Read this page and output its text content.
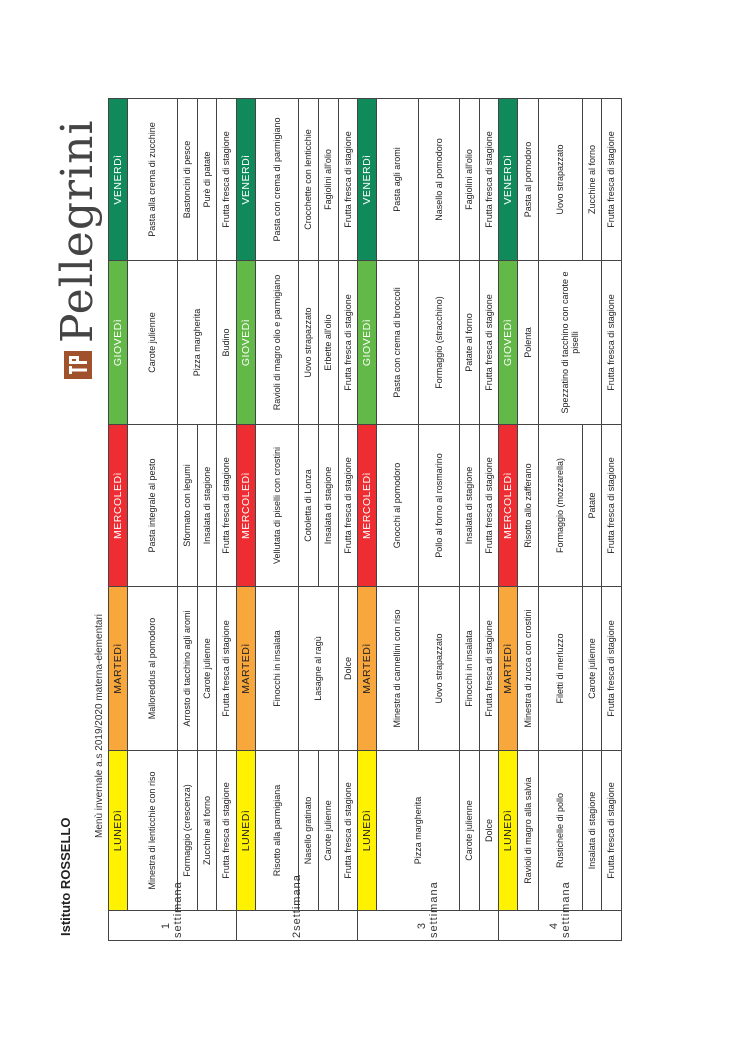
Istituto ROSSELLO
Menù invernale a.s 2019/2020 materna-elementari
Pellegrini
1 settimana	LUNEDì	MARTEDì	MERCOLEDì	GIOVEDì	VENERDì
	Minestra di lenticchie con riso	Malloreddus al pomodoro	Pasta integrale al pesto	Carote julienne	Pasta alla crema di zucchine
	Formaggio (crescenza)	Arrosto di tacchino agli aromi	Sformato con legumi	Pizza margherita	Bastoncini di pesce
	Zucchine al forno	Carote julienne	Insalata di stagione		Purè di patate
	Frutta fresca di stagione	Frutta fresca di stagione	Frutta fresca di stagione	Budino	Frutta fresca di stagione
2settimana	LUNEDì	MARTEDì	MERCOLEDì	GIOVEDì	VENERDì
	Risotto alla parmigiana	Finocchi in insalata	Vellutata di piselli con crostini	Ravioli di magro olio e parmigiano	Pasta con crema di parmigiano
	Nasello gratinato	Lasagne al ragù	Cotoletta di Lonza	Uovo strapazzato	Crocchette con lenticchie
	Carote julienne		Insalata di stagione	Erbette all'olio	Fagiolini all'olio
	Frutta fresca di stagione	Dolce	Frutta fresca di stagione	Frutta fresca di stagione	Frutta fresca di stagione
3 settimana	LUNEDì	MARTEDì	MERCOLEDì	GIOVEDì	VENERDì
	Pizza margherita	Minestra di cannellini con riso	Gnocchi al pomodoro	Pasta con crema di broccoli	Pasta agli aromi
		Uovo strapazzato	Pollo al forno al rosmarino	Formaggio (stracchino)	Nasello al pomodoro
	Carote julienne	Finocchi in insalata	Insalata di stagione	Patate al forno	Fagiolini all'olio
	Dolce	Frutta fresca di stagione	Frutta fresca di stagione	Frutta fresca di stagione	Frutta fresca di stagione
4 settimana	LUNEDì	MARTEDì	MERCOLEDì	GIOVEDì	VENERDì
	Ravioli di magro alla salvia	Minestra di zucca con crostini	Risotto allo zafferano	Polenta	Pasta al pomodoro
	Rustichelle di pollo	Filetti di merluzzo	Formaggio (mozzarella)	Spezzatino di tacchino con carote e piselli	Uovo strapazzato
	Insalata di stagione	Carote julienne	Patate		Zucchine al forno
	Frutta fresca di stagione	Frutta fresca di stagione	Frutta fresca di stagione	Frutta fresca di stagione	Frutta fresca di stagione
